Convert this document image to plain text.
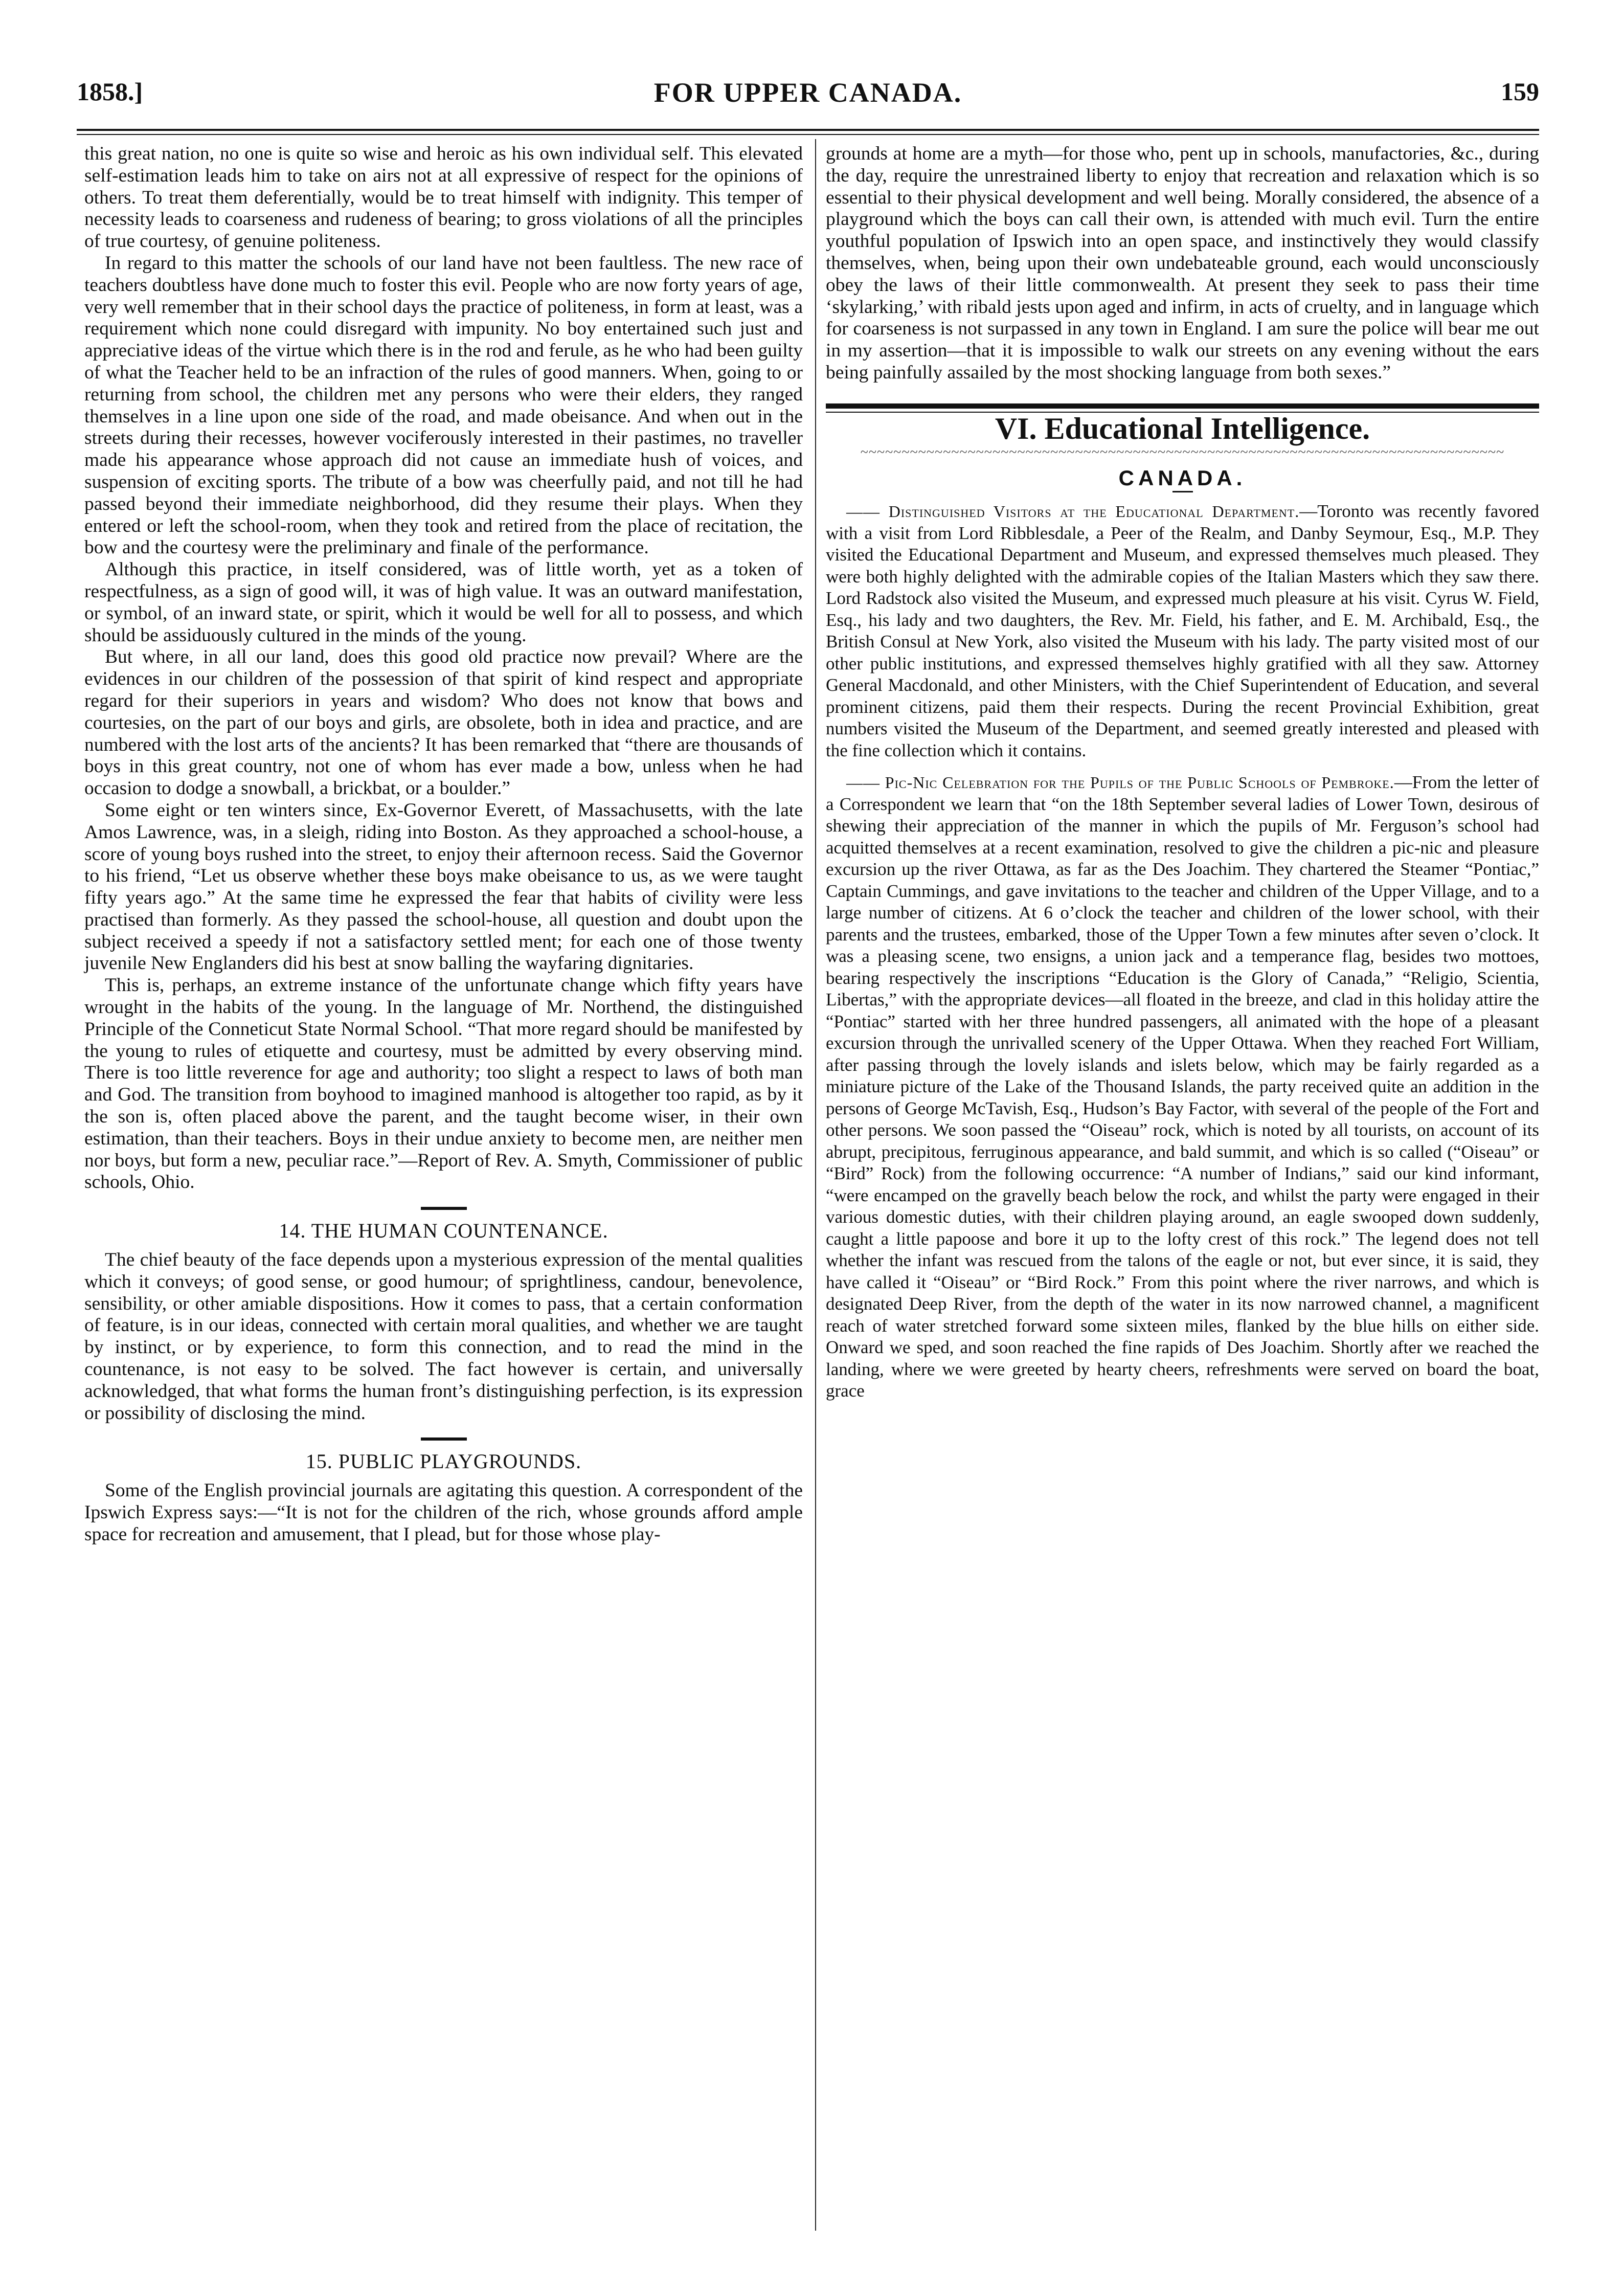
1858.]	FOR UPPER CANADA.	159

this great nation, no one is quite so wise and heroic as his own individual self. This elevated self-estimation leads him to take on airs not at all expressive of respect for the opinions of others. To treat them deferentially, would be to treat himself with indignity. This temper of necessity leads to coarseness and rudeness of bearing; to gross violations of all the principles of true courtesy, of genuine politeness.

In regard to this matter the schools of our land have not been faultless. The new race of teachers doubtless have done much to foster this evil. People who are now forty years of age, very well remember that in their school days the practice of politeness, in form at least, was a requirement which none could disregard with impunity. No boy entertained such just and appreciative ideas of the virtue which there is in the rod and ferule, as he who had been guilty of what the Teacher held to be an infraction of the rules of good manners. When, going to or returning from school, the children met any persons who were their elders, they ranged themselves in a line upon one side of the road, and made obeisance. And when out in the streets during their recesses, however vociferously interested in their pastimes, no traveller made his appearance whose approach did not cause an immediate hush of voices, and suspension of exciting sports. The tribute of a bow was cheerfully paid, and not till he had passed beyond their immediate neighborhood, did they resume their plays. When they entered or left the school-room, when they took and retired from the place of recitation, the bow and the courtesy were the preliminary and finale of the performance.

Although this practice, in itself considered, was of little worth, yet as a token of respectfulness, as a sign of good will, it was of high value. It was an outward manifestation, or symbol, of an inward state, or spirit, which it would be well for all to possess, and which should be assiduously cultured in the minds of the young.

But where, in all our land, does this good old practice now prevail? Where are the evidences in our children of the possession of that spirit of kind respect and appropriate regard for their superiors in years and wisdom? Who does not know that bows and courtesies, on the part of our boys and girls, are obsolete, both in idea and practice, and are numbered with the lost arts of the ancients? It has been remarked that “there are thousands of boys in this great country, not one of whom has ever made a bow, unless when he had occasion to dodge a snowball, a brickbat, or a boulder.”

Some eight or ten winters since, Ex-Governor Everett, of Massachusetts, with the late Amos Lawrence, was, in a sleigh, riding into Boston. As they approached a school-house, a score of young boys rushed into the street, to enjoy their afternoon recess. Said the Governor to his friend, “Let us observe whether these boys make obeisance to us, as we were taught fifty years ago.” At the same time he expressed the fear that habits of civility were less practised than formerly. As they passed the school-house, all question and doubt upon the subject received a speedy if not a satisfactory settled ment; for each one of those twenty juvenile New Englanders did his best at snow balling the wayfaring dignitaries.

This is, perhaps, an extreme instance of the unfortunate change which fifty years have wrought in the habits of the young. In the language of Mr. Northend, the distinguished Principle of the Conneticut State Normal School. “That more regard should be manifested by the young to rules of etiquette and courtesy, must be admitted by every observing mind. There is too little reverence for age and authority; too slight a respect to laws of both man and God. The transition from boyhood to imagined manhood is altogether too rapid, as by it the son is, often placed above the parent, and the taught become wiser, in their own estimation, than their teachers. Boys in their undue anxiety to become men, are neither men nor boys, but form a new, peculiar race.”—Report of Rev. A. Smyth, Commissioner of public schools, Ohio.

14. THE HUMAN COUNTENANCE.

The chief beauty of the face depends upon a mysterious expression of the mental qualities which it conveys; of good sense, or good humour; of sprightliness, candour, benevolence, sensibility, or other amiable dispositions. How it comes to pass, that a certain conformation of feature, is in our ideas, connected with certain moral qualities, and whether we are taught by instinct, or by experience, to form this connection, and to read the mind in the countenance, is not easy to be solved. The fact however is certain, and universally acknowledged, that what forms the human front’s distinguishing perfection, is its expression or possibility of disclosing the mind.

15. PUBLIC PLAYGROUNDS.

Some of the English provincial journals are agitating this question. A correspondent of the Ipswich Express says:—“It is not for the children of the rich, whose grounds afford ample space for recreation and amusement, that I plead, but for those whose play-

grounds at home are a myth—for those who, pent up in schools, manufactories, &c., during the day, require the unrestrained liberty to enjoy that recreation and relaxation which is so essential to their physical development and well being. Morally considered, the absence of a playground which the boys can call their own, is attended with much evil. Turn the entire youthful population of Ipswich into an open space, and instinctively they would classify themselves, when, being upon their own undebateable ground, each would unconsciously obey the laws of their little commonwealth. At present they seek to pass their time ‘skylarking,’ with ribald jests upon aged and infirm, in acts of cruelty, and in language which for coarseness is not surpassed in any town in England. I am sure the police will bear me out in my assertion—that it is impossible to walk our streets on any evening without the ears being painfully assailed by the most shocking language from both sexes.”

VI. Educational Intelligence.
~~~~~~~~~~~~~~~~~~~~~~~~~~~~~~~~~~~~~~~~~~~~~~~~~~~~~~~~~~~~~~~~~~~~~~~~~~~~~~
CANADA.

—— Distinguished Visitors at the Educational Department.—Toronto was recently favored with a visit from Lord Ribblesdale, a Peer of the Realm, and Danby Seymour, Esq., M.P. They visited the Educational Department and Museum, and expressed themselves much pleased. They were both highly delighted with the admirable copies of the Italian Masters which they saw there. Lord Radstock also visited the Museum, and expressed much pleasure at his visit. Cyrus W. Field, Esq., his lady and two daughters, the Rev. Mr. Field, his father, and E. M. Archibald, Esq., the British Consul at New York, also visited the Museum with his lady. The party visited most of our other public institutions, and expressed themselves highly gratified with all they saw. Attorney General Macdonald, and other Ministers, with the Chief Superintendent of Education, and several prominent citizens, paid them their respects. During the recent Provincial Exhibition, great numbers visited the Museum of the Department, and seemed greatly interested and pleased with the fine collection which it contains.

—— Pic-Nic Celebration for the Pupils of the Public Schools of Pembroke.—From the letter of a Correspondent we learn that “on the 18th September several ladies of Lower Town, desirous of shewing their appreciation of the manner in which the pupils of Mr. Ferguson’s school had acquitted themselves at a recent examination, resolved to give the children a pic-nic and pleasure excursion up the river Ottawa, as far as the Des Joachim. They chartered the Steamer “Pontiac,” Captain Cummings, and gave invitations to the teacher and children of the Upper Village, and to a large number of citizens. At 6 o’clock the teacher and children of the lower school, with their parents and the trustees, embarked, those of the Upper Town a few minutes after seven o’clock. It was a pleasing scene, two ensigns, a union jack and a temperance flag, besides two mottoes, bearing respectively the inscriptions “Education is the Glory of Canada,” “Religio, Scientia, Libertas,” with the appropriate devices—all floated in the breeze, and clad in this holiday attire the “Pontiac” started with her three hundred passengers, all animated with the hope of a pleasant excursion through the unrivalled scenery of the Upper Ottawa. When they reached Fort William, after passing through the lovely islands and islets below, which may be fairly regarded as a miniature picture of the Lake of the Thousand Islands, the party received quite an addition in the persons of George McTavish, Esq., Hudson’s Bay Factor, with several of the people of the Fort and other persons. We soon passed the “Oiseau” rock, which is noted by all tourists, on account of its abrupt, precipitous, ferruginous appearance, and bald summit, and which is so called (“Oiseau” or “Bird” Rock) from the following occurrence: “A number of Indians,” said our kind informant, “were encamped on the gravelly beach below the rock, and whilst the party were engaged in their various domestic duties, with their children playing around, an eagle swooped down suddenly, caught a little papoose and bore it up to the lofty crest of this rock.” The legend does not tell whether the infant was rescued from the talons of the eagle or not, but ever since, it is said, they have called it “Oiseau” or “Bird Rock.” From this point where the river narrows, and which is designated Deep River, from the depth of the water in its now narrowed channel, a magnificent reach of water stretched forward some sixteen miles, flanked by the blue hills on either side. Onward we sped, and soon reached the fine rapids of Des Joachim. Shortly after we reached the landing, where we were greeted by hearty cheers, refreshments were served on board the boat, grace
